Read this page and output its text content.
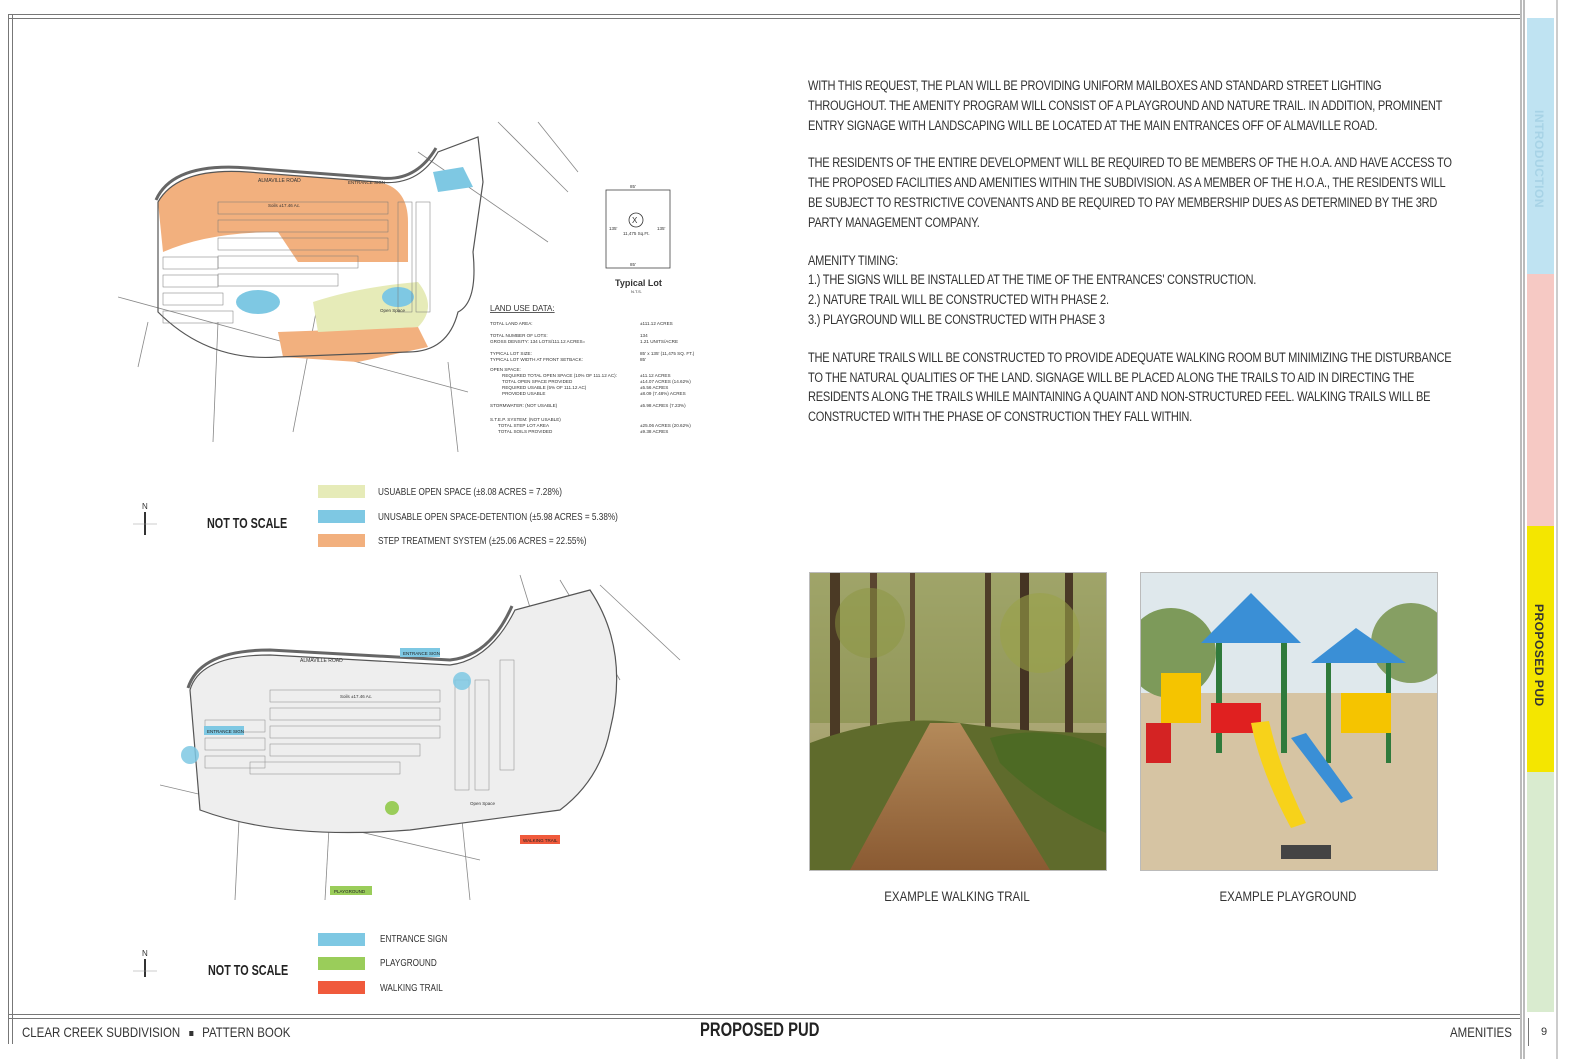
INTRODUCTION
PROPOSED PUD

WITH THIS REQUEST, THE PLAN WILL BE PROVIDING UNIFORM MAILBOXES AND STANDARD STREET LIGHTING THROUGHOUT. THE AMENITY PROGRAM WILL CONSIST OF A PLAYGROUND AND NATURE TRAIL. IN ADDITION, PROMINENT ENTRY SIGNAGE WITH LANDSCAPING WILL BE LOCATED AT THE MAIN ENTRANCES OFF OF ALMAVILLE ROAD.

THE RESIDENTS OF THE ENTIRE DEVELOPMENT WILL BE REQUIRED TO BE MEMBERS OF THE H.O.A. AND HAVE ACCESS TO THE PROPOSED FACILITIES AND AMENITIES WITHIN THE SUBDIVISION. AS A MEMBER OF THE H.O.A., THE RESIDENTS WILL BE SUBJECT TO RESTRICTIVE COVENANTS AND BE REQUIRED TO PAY MEMBERSHIP DUES AS DETERMINED BY THE 3RD PARTY MANAGEMENT COMPANY.

AMENITY TIMING:
1.) THE SIGNS WILL BE INSTALLED AT THE TIME OF THE ENTRANCES' CONSTRUCTION.
2.) NATURE TRAIL WILL BE CONSTRUCTED WITH PHASE 2.
3.) PLAYGROUND WILL BE CONSTRUCTED WITH PHASE 3

THE NATURE TRAILS WILL BE CONSTRUCTED TO PROVIDE ADEQUATE WALKING ROOM BUT MINIMIZING THE DISTURBANCE TO THE NATURAL QUALITIES OF THE LAND. SIGNAGE WILL BE PLACED ALONG THE TRAILS TO AID IN DIRECTING THE RESIDENTS ALONG THE TRAILS WHILE MAINTAINING A QUAINT AND NON-STRUCTURED FEEL. WALKING TRAILS WILL BE CONSTRUCTED WITH THE PHASE OF CONSTRUCTION THEY FALL WITHIN.

EXAMPLE WALKING TRAIL	EXAMPLE PLAYGROUND
ALMAVILLE ROAD	ENTRANCE SIGN
Soils ±17.46 Ac.
Open Space
85'
85'
135'	135'
X
11,475 Sq.Ft.
Typical Lot
N.T.S.
LAND USE DATA:
TOTAL LAND AREA:	±111.12 ACRES
TOTAL NUMBER OF LOTS:	134
GROSS DENSITY: 134 LOTS/111.12 ACRES=	1.21 UNITS/ACRE
TYPICAL LOT SIZE:	85' x 135' (11,475 SQ. FT.)
TYPICAL LOT WIDTH AT FRONT SETBACK:	85'
OPEN SPACE:
REQUIRED TOTAL OPEN SPACE (10% OF 111.12 AC):	±11.12 ACRES
TOTAL OPEN SPACE PROVIDED	±14.07 ACRES (14.62%)
REQUIRED USABLE (5% OF 111.12 AC)	±5.56 ACRES
PROVIDED USABLE	±8.09 (7.48%) ACRES
STORMWATER: (NOT USABLE)	±5.98 ACRES (7.23%)
S.T.E.P. SYSTEM: (NOT USABLE)
TOTAL STEP LOT AREA	±25.06 ACRES (20.62%)
TOTAL SOILS PROVIDED	±9.38 ACRES
USUABLE OPEN SPACE (±8.08 ACRES = 7.28%)
UNUSABLE OPEN SPACE-DETENTION (±5.98 ACRES = 5.38%)
STEP TREATMENT SYSTEM (±25.06 ACRES = 22.55%)
N
NOT TO SCALE
ENTRANCE SIGN
ENTRANCE SIGN
PLAYGROUND
WALKING TRAIL
ALMAVILLE ROAD
Soils ±17.46 Ac.
Open Space
ENTRANCE SIGN
PLAYGROUND
WALKING TRAIL
N
NOT TO SCALE
CLEAR CREEK SUBDIVISION PATTERN BOOK	PROPOSED PUD	AMENITIES	9
